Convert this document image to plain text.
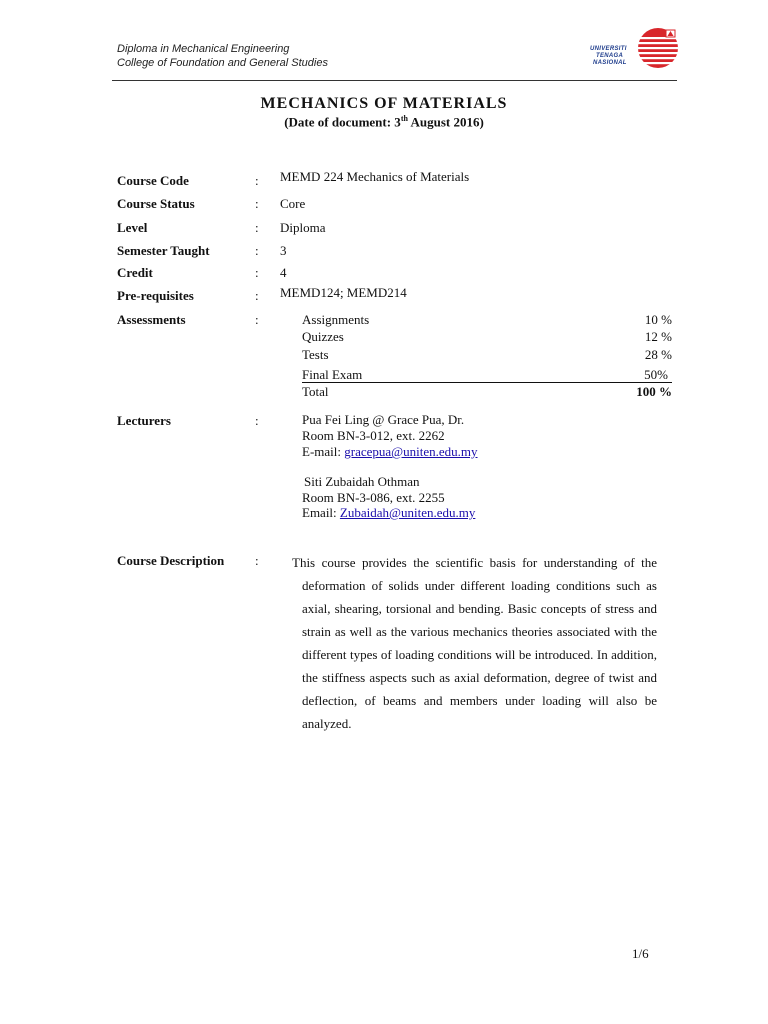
Diploma in Mechanical Engineering
College of Foundation and General Studies
UNIVERSITI
TENAGA
NASIONAL
MECHANICS OF MATERIALS
(Date of document: 3th August 2016)
Course Code	: MEMD 224 Mechanics of Materials
Course Status	: Core
Level	: Diploma
Semester Taught	: 3
Credit	: 4
Pre-requisites	: MEMD124; MEMD214
Assessments	:	Assignments	10 %
Quizzes	12 %
Tests	28 %
Final Exam	50%
Total	100 %
Lecturers	:	Pua Fei Ling @ Grace Pua, Dr.
Room BN-3-012, ext. 2262
E-mail: gracepua@uniten.edu.my
Siti Zubaidah Othman
Room BN-3-086, ext. 2255
Email: Zubaidah@uniten.edu.my
Course Description :	This course provides the scientific basis for understanding of the deformation of solids under different loading conditions such as axial, shearing, torsional and bending. Basic concepts of stress and strain as well as the various mechanics theories associated with the different types of loading conditions will be introduced. In addition, the stiffness aspects such as axial deformation, degree of twist and deflection, of beams and members under loading will also be analyzed.
1/6
